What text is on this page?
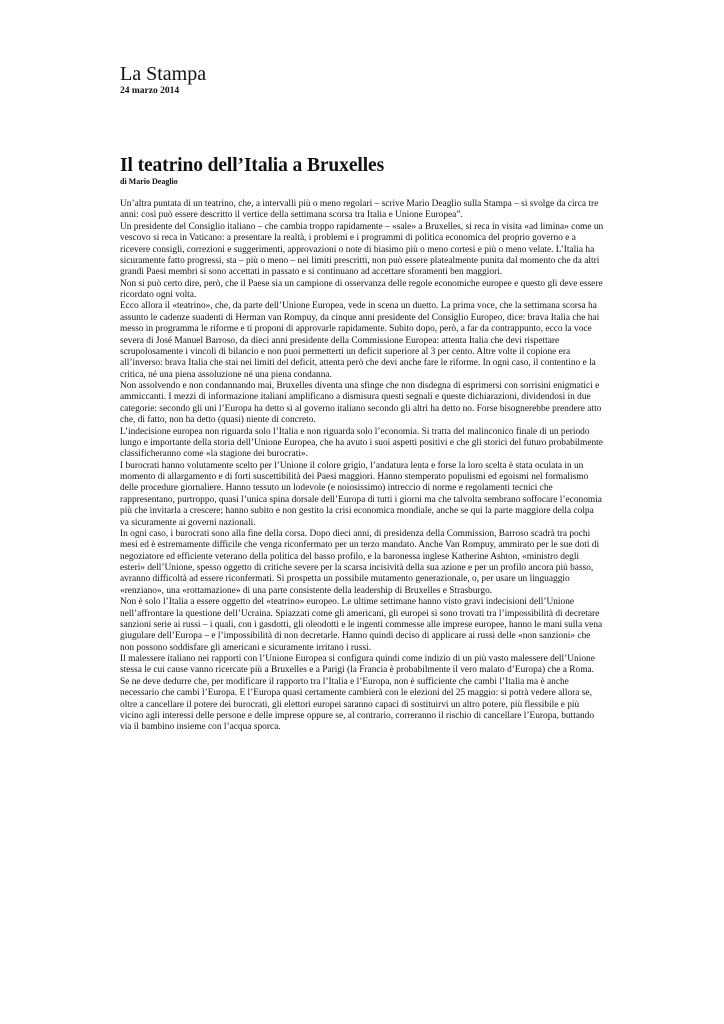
La Stampa
24 marzo 2014
Il teatrino dell’Italia a Bruxelles
di Mario Deaglio

Un’altra puntata di un teatrino, che, a intervalli più o meno regolari – scrive Mario Deaglio sulla Stampa – si svolge da circa tre anni: così può essere descritto il vertice della settimana scorsa tra Italia e Unione Europea”.

Un presidente del Consiglio italiano – che cambia troppo rapidamente – «sale» a Bruxelles, si reca in visita «ad limina» come un vescovo si reca in Vaticano: a presentare la realtà, i problemi e i programmi di politica economica del proprio governo e a ricevere consigli, correzioni e suggerimenti, approvazioni o note di biasimo più o meno cortesi e più o meno velate. L’Italia ha sicuramente fatto progressi, sta – più o meno – nei limiti prescritti, non può essere platealmente punita dal momento che da altri grandi Paesi membri si sono accettati in passato e si continuano ad accettare sforamenti ben maggiori.

Non si può certo dire, però, che il Paese sia un campione di osservanza delle regole economiche europee e questo gli deve essere ricordato ogni volta.

Ecco allora il «teatrino», che, da parte dell’Unione Europea, vede in scena un duetto. La prima voce, che la settimana scorsa ha assunto le cadenze suadenti di Herman van Rompuy, da cinque anni presidente del Consiglio Europeo, dice: brava Italia che hai messo in programma le riforme e ti proponi di approvarle rapidamente. Subito dopo, però, a far da contrappunto, ecco la voce severa di José Manuel Barroso, da dieci anni presidente della Commissione Europea: attenta Italia che devi rispettare scrupolosamente i vincoli di bilancio e non puoi permetterti un deficit superiore al 3 per cento. Altre volte il copione era all’inverso: brava Italia che stai nei limiti del deficit, attenta però che devi anche fare le riforme. In ogni caso, il contentino e la critica, né una piena assoluzione né una piena condanna.

Non assolvendo e non condannando mai, Bruxelles diventa una sfinge che non disdegna di esprimersi con sorrisini enigmatici e ammiccanti. I mezzi di informazione italiani amplificano a dismisura questi segnali e queste dichiarazioni, dividendosi in due categorie: secondo gli uni l’Europa ha detto sì al governo italiano secondo gli altri ha detto no. Forse bisognerebbe prendere atto che, di fatto, non ha detto (quasi) niente di concreto.

L’indecisione europea non riguarda solo l’Italia e non riguarda solo l’economia. Si tratta del malinconico finale di un periodo lungo e importante della storia dell’Unione Europea, che ha avuto i suoi aspetti positivi e che gli storici del futuro probabilmente classificheranno come «la stagione dei burocrati».

I burocrati hanno volutamente scelto per l’Unione il colore grigio, l’andatura lenta e forse la loro scelta è stata oculata in un momento di allargamento e di forti suscettibilità dei Paesi maggiori. Hanno stemperato populismi ed egoismi nel formalismo delle procedure giornaliere. Hanno tessuto un lodevole (e noiosissimo) intreccio di norme e regolamenti tecnici che rappresentano, purtroppo, quasi l’unica spina dorsale dell’Europa di tutti i giorni ma che talvolta sembrano soffocare l’economia più che invitarla a crescere; hanno subito e non gestito la crisi economica mondiale, anche se qui la parte maggiore della colpa va sicuramente ai governi nazionali.

In ogni caso, i burocrati sono alla fine della corsa. Dopo dieci anni, di presidenza della Commission, Barroso scadrà tra pochi mesi ed è estremamente difficile che venga riconfermato per un terzo mandato. Anche Van Rompuy, ammirato per le sue doti di negoziatore ed efficiente veterano della politica del basso profilo, e la baronessa inglese Katherine Ashton, «ministro degli esteri» dell’Unione, spesso oggetto di critiche severe per la scarsa incisività della sua azione e per un profilo ancora più basso, avranno difficoltà ad essere riconfermati. Si prospetta un possibile mutamento generazionale, o, per usare un linguaggio «renziano», una «rottamazione» di una parte consistente della leadership di Bruxelles e Strasburgo.

Non è solo l’Italia a essere oggetto del «teatrino» europeo. Le ultime settimane hanno visto gravi indecisioni dell’Unione nell’affrontare la questione dell’Ucraina. Spiazzati come gli americani, gli europei si sono trovati tra l’impossibilità di decretare sanzioni serie ai russi – i quali, con i gasdotti, gli oleodotti e le ingenti commesse alle imprese europee, hanno le mani sulla vena giugulare dell’Europa – e l’impossibilità di non decretarle. Hanno quindi deciso di applicare ai russi delle «non sanzioni» che non possono soddisfare gli americani e sicuramente irritano i russi.

Il malessere italiano nei rapporti con l’Unione Europea si configura quindi come indizio di un più vasto malessere dell’Unione stessa le cui cause vanno ricercate più a Bruxelles e a Parigi (la Francia è probabilmente il vero malato d’Europa) che a Roma. Se ne deve dedurre che, per modificare il rapporto tra l’Italia e l’Europa, non è sufficiente che cambi l’Italia ma è anche necessario che cambi l’Europa. E l’Europa quasi certamente cambierà con le elezioni del 25 maggio: si potrà vedere allora se, oltre a cancellare il potere dei burocrati, gli elettori europei saranno capaci di sostituirvi un altro potere, più flessibile e più vicino agli interessi delle persone e delle imprese oppure se, al contrario, correranno il rischio di cancellare l’Europa, buttando via il bambino insieme con l’acqua sporca.
